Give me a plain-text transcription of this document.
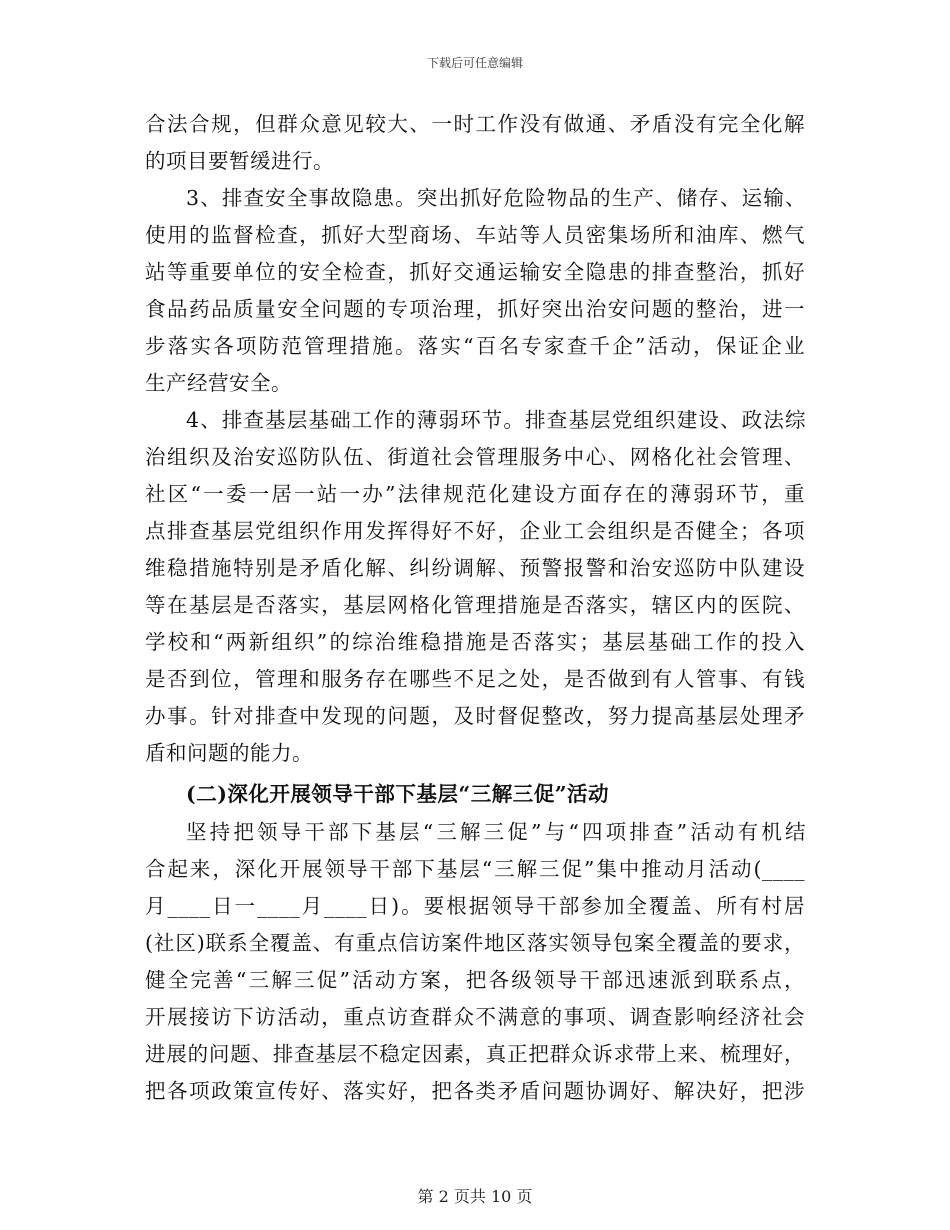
下载后可任意编辑
合法合规，但群众意见较大、一时工作没有做通、矛盾没有完全化解
的项目要暂缓进行。
3、排查安全事故隐患。突出抓好危险物品的生产、储存、运输、
使用的监督检查，抓好大型商场、车站等人员密集场所和油库、燃气
站等重要单位的安全检查，抓好交通运输安全隐患的排查整治，抓好
食品药品质量安全问题的专项治理，抓好突出治安问题的整治，进一
步落实各项防范管理措施。落实“百名专家查千企”活动，保证企业
生产经营安全。
4、排查基层基础工作的薄弱环节。排查基层党组织建设、政法综
治组织及治安巡防队伍、街道社会管理服务中心、网格化社会管理、
社区“一委一居一站一办”法律规范化建设方面存在的薄弱环节，重
点排查基层党组织作用发挥得好不好，企业工会组织是否健全；各项
维稳措施特别是矛盾化解、纠纷调解、预警报警和治安巡防中队建设
等在基层是否落实，基层网格化管理措施是否落实，辖区内的医院、
学校和“两新组织”的综治维稳措施是否落实；基层基础工作的投入
是否到位，管理和服务存在哪些不足之处，是否做到有人管事、有钱
办事。针对排查中发现的问题，及时督促整改，努力提高基层处理矛
盾和问题的能力。
(二)深化开展领导干部下基层“三解三促”活动
坚持把领导干部下基层“三解三促”与“四项排查”活动有机结
合起来，深化开展领导干部下基层“三解三促”集中推动月活动(____
月____日一____月____日)。要根据领导干部参加全覆盖、所有村居
(社区)联系全覆盖、有重点信访案件地区落实领导包案全覆盖的要求，
健全完善“三解三促”活动方案，把各级领导干部迅速派到联系点，
开展接访下访活动，重点访查群众不满意的事项、调查影响经济社会
进展的问题、排查基层不稳定因素，真正把群众诉求带上来、梳理好，
把各项政策宣传好、落实好，把各类矛盾问题协调好、解决好，把涉
第 2 页共 10 页
